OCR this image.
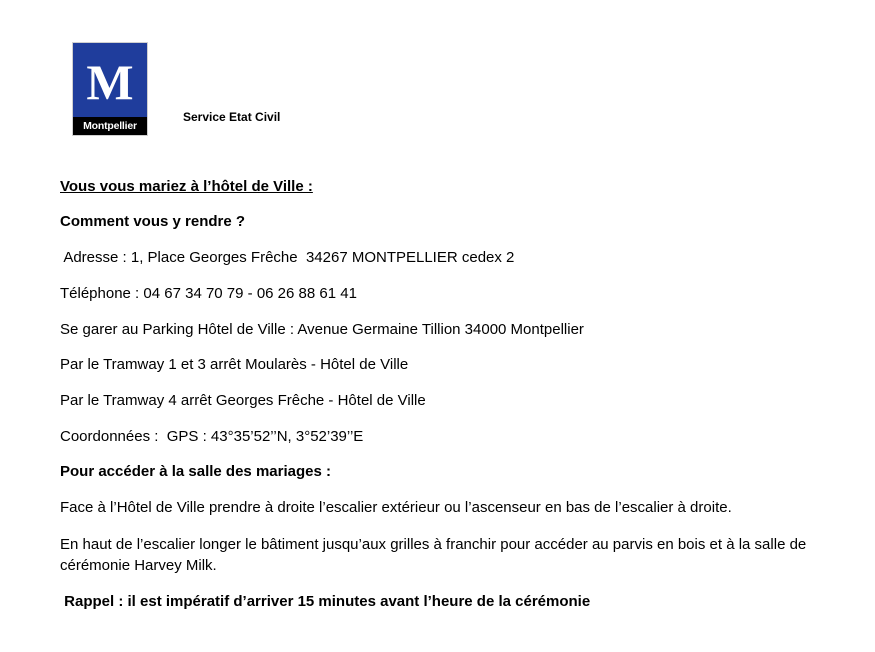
M
Montpellier
Service Etat Civil
Vous vous mariez à l’hôtel de Ville :
Comment vous y rendre ?
Adresse : 1, Place Georges Frêche  34267 MONTPELLIER cedex 2
Téléphone : 04 67 34 70 79 - 06 26 88 61 41
Se garer au Parking Hôtel de Ville : Avenue Germaine Tillion 34000 Montpellier
Par le Tramway 1 et 3 arrêt Moularès - Hôtel de Ville
Par le Tramway 4 arrêt Georges Frêche - Hôtel de Ville
Coordonnées :  GPS : 43°35’52’’N, 3°52’39’’E
Pour accéder à la salle des mariages :
Face à l’Hôtel de Ville prendre à droite l’escalier extérieur ou l’ascenseur en bas de l’escalier à droite.
En haut de l’escalier longer le bâtiment jusqu’aux grilles à franchir pour accéder au parvis en bois et à la salle de cérémonie Harvey Milk.
Rappel : il est impératif d’arriver 15 minutes avant l’heure de la cérémonie
